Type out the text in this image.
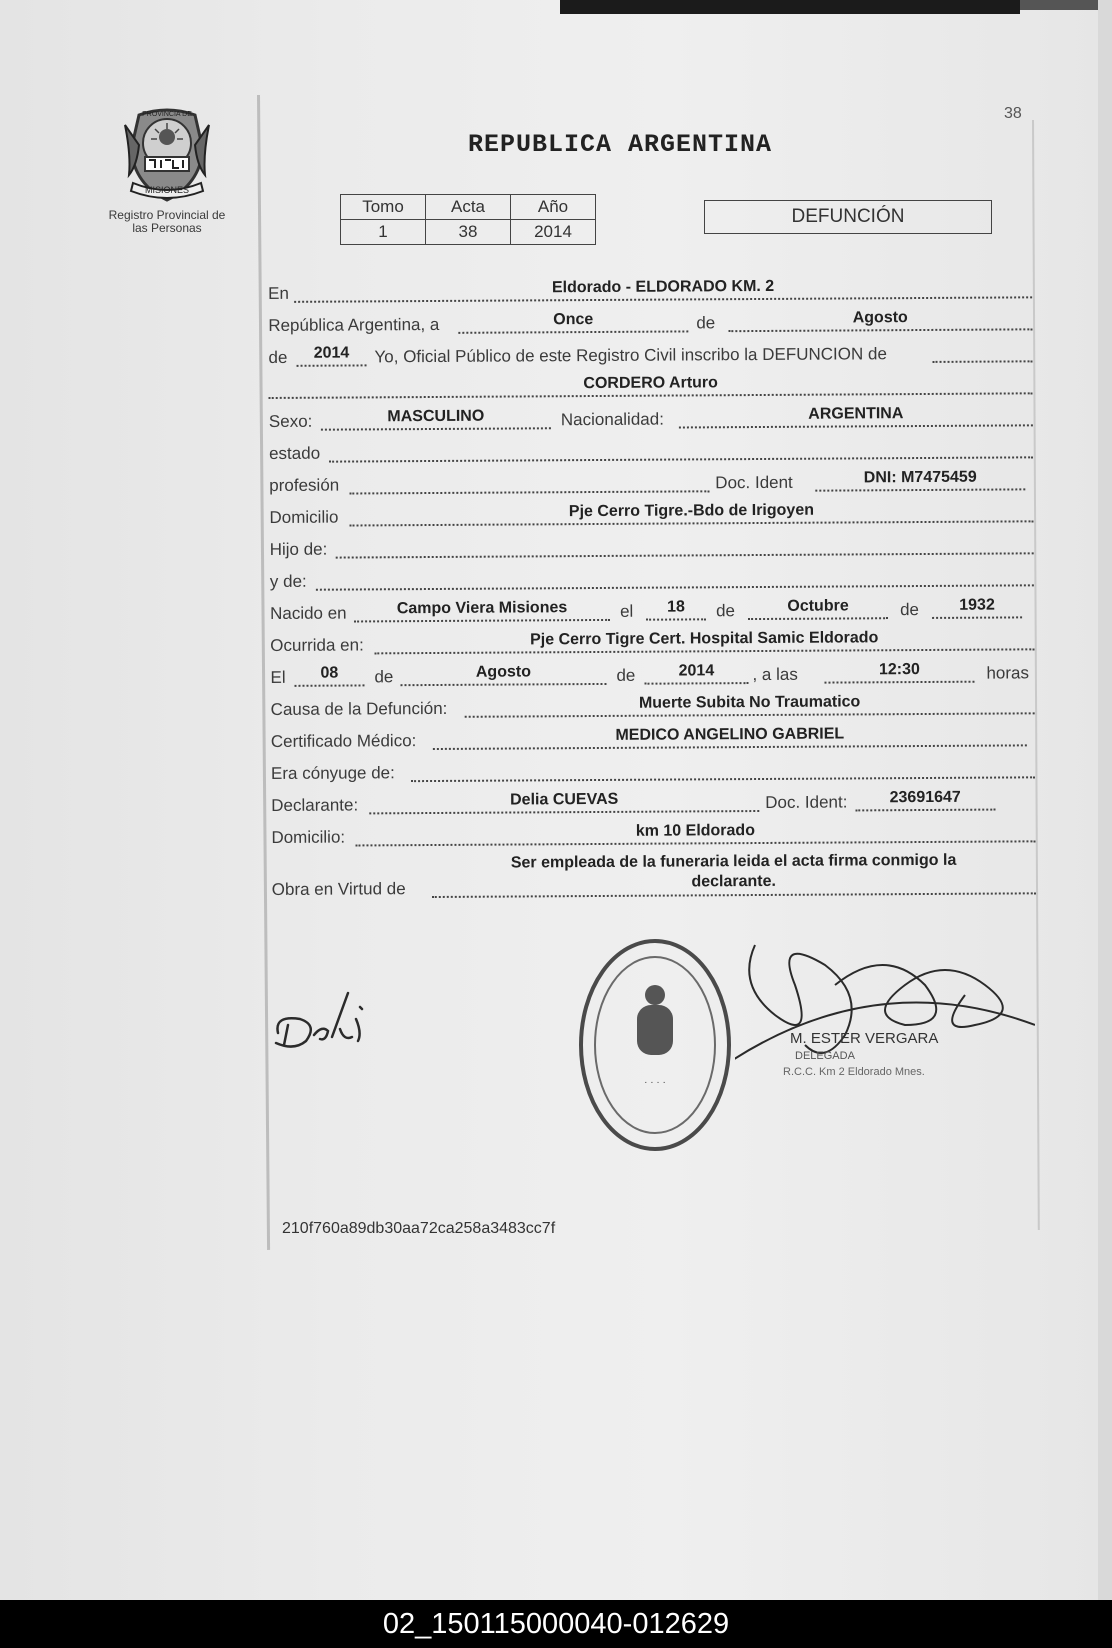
MISIONES
PROVINCIA DE
Registro Provincial de
las Personas
38
REPUBLICA ARGENTINA
Tomo	Acta	Año
1	38	2014
DEFUNCIÓN
En	Eldorado - ELDORADO KM. 2
República Argentina, a	Once	de	Agosto
de	2014	Yo, Oficial Público de este Registro Civil inscribo la DEFUNCION de
CORDERO Arturo
Sexo:	MASCULINO	Nacionalidad:	ARGENTINA
estado
profesión	Doc. Ident	DNI: M7475459
Domicilio	Pje Cerro Tigre.-Bdo de Irigoyen
Hijo de:
y de:
Nacido en	Campo Viera Misiones	el	18	de	Octubre	de	1932
Ocurrida en:	Pje Cerro Tigre Cert. Hospital Samic Eldorado
El	08	de	Agosto	de	2014	, a las	12:30	horas
Causa de la Defunción:	Muerte Subita No Traumatico
Certificado Médico:	MEDICO ANGELINO GABRIEL
Era cónyuge de:
Declarante:	Delia CUEVAS	Doc. Ident:	23691647
Domicilio:	km 10 Eldorado
Obra en Virtud de
Ser empleada de la funeraria leida el acta firma conmigo la
declarante.
· · · ·
M. ESTER VERGARA
DELEGADA
R.C.C. Km 2 Eldorado Mnes.
210f760a89db30aa72ca258a3483cc7f
02_150115000040-012629
